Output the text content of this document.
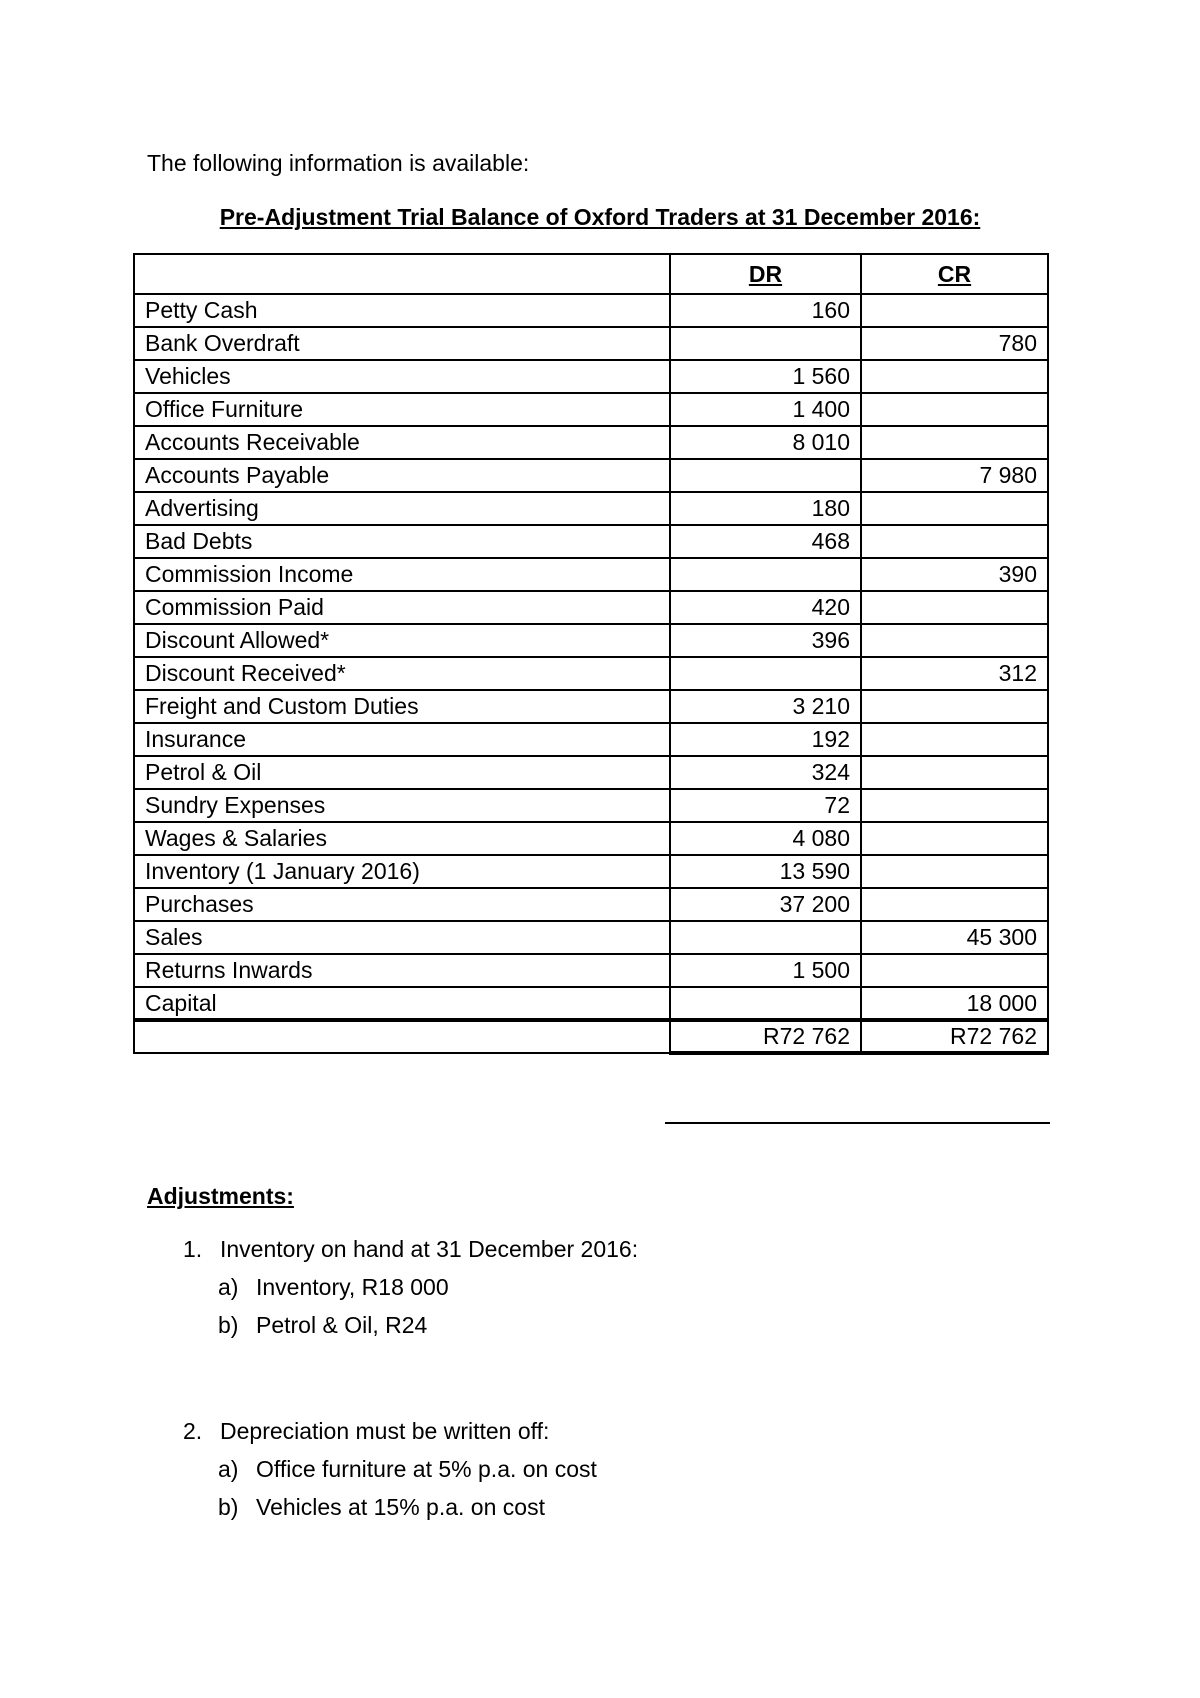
The following information is available:
Pre-Adjustment Trial Balance of Oxford Traders at 31 December 2016:
	DR	CR
Petty Cash	160	
Bank Overdraft		780
Vehicles	1 560	
Office Furniture	1 400	
Accounts Receivable	8 010	
Accounts Payable		7 980
Advertising	180	
Bad Debts	468	
Commission Income		390
Commission Paid	420	
Discount Allowed*	396	
Discount Received*		312
Freight and Custom Duties	3 210	
Insurance	192	
Petrol & Oil	324	
Sundry Expenses	72	
Wages & Salaries	4 080	
Inventory (1 January 2016)	13 590	
Purchases	37 200	
Sales		45 300
Returns Inwards	1 500	
Capital		18 000
	R72 762	R72 762
Adjustments:
1. Inventory on hand at 31 December 2016:
a) Inventory, R18 000
b) Petrol & Oil, R24
2. Depreciation must be written off:
a) Office furniture at 5% p.a. on cost
b) Vehicles at 15% p.a. on cost
